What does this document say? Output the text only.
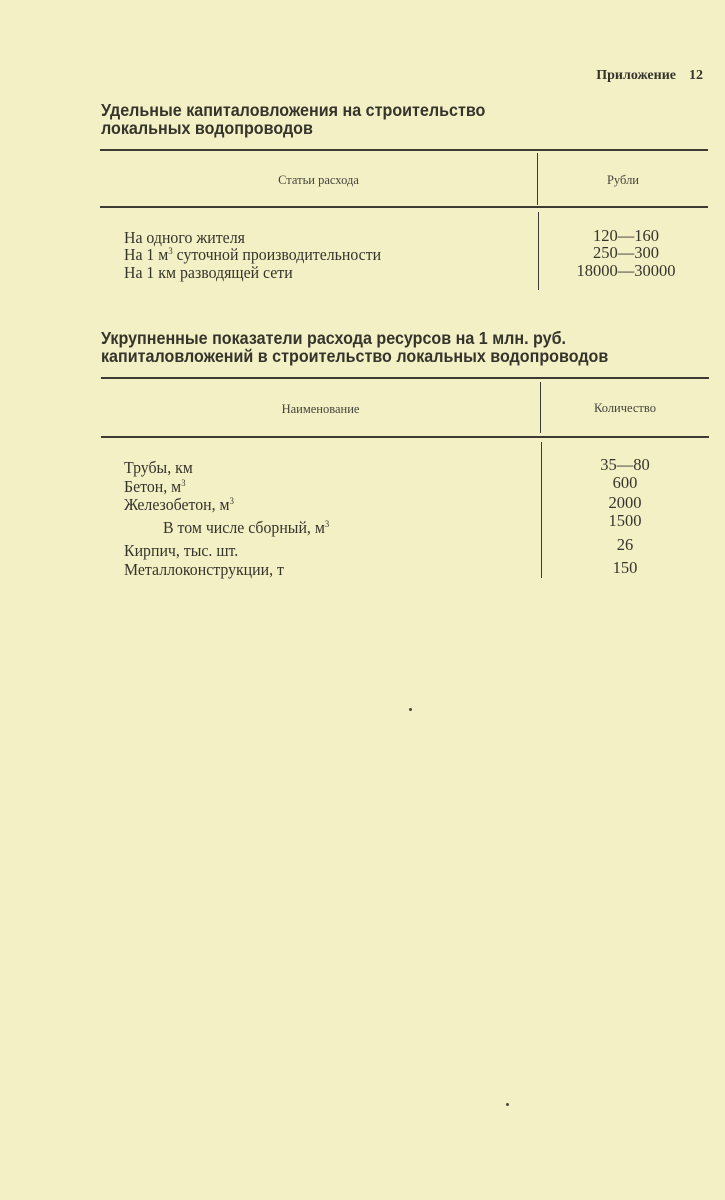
Приложение 12
Удельные капиталовложения на строительство
локальных водопроводов
Статьи расхода	Рубли
На одного жителя
На 1 $м^3$ суточной производительности
На 1 км разводящей сети
120—160
250—300
18000—30000
Укрупненные показатели расхода ресурсов на 1 млн. руб.
капиталовложений в строительство локальных водопроводов
Наименование	Количество
Трубы, км
Бетон, $м^3$
Железобетон, $м^3$
В том числе сборный, $м^3$
Кирпич, тыс. шт.
Металлоконструкции, т
35—80
600
2000
1500
26
150
